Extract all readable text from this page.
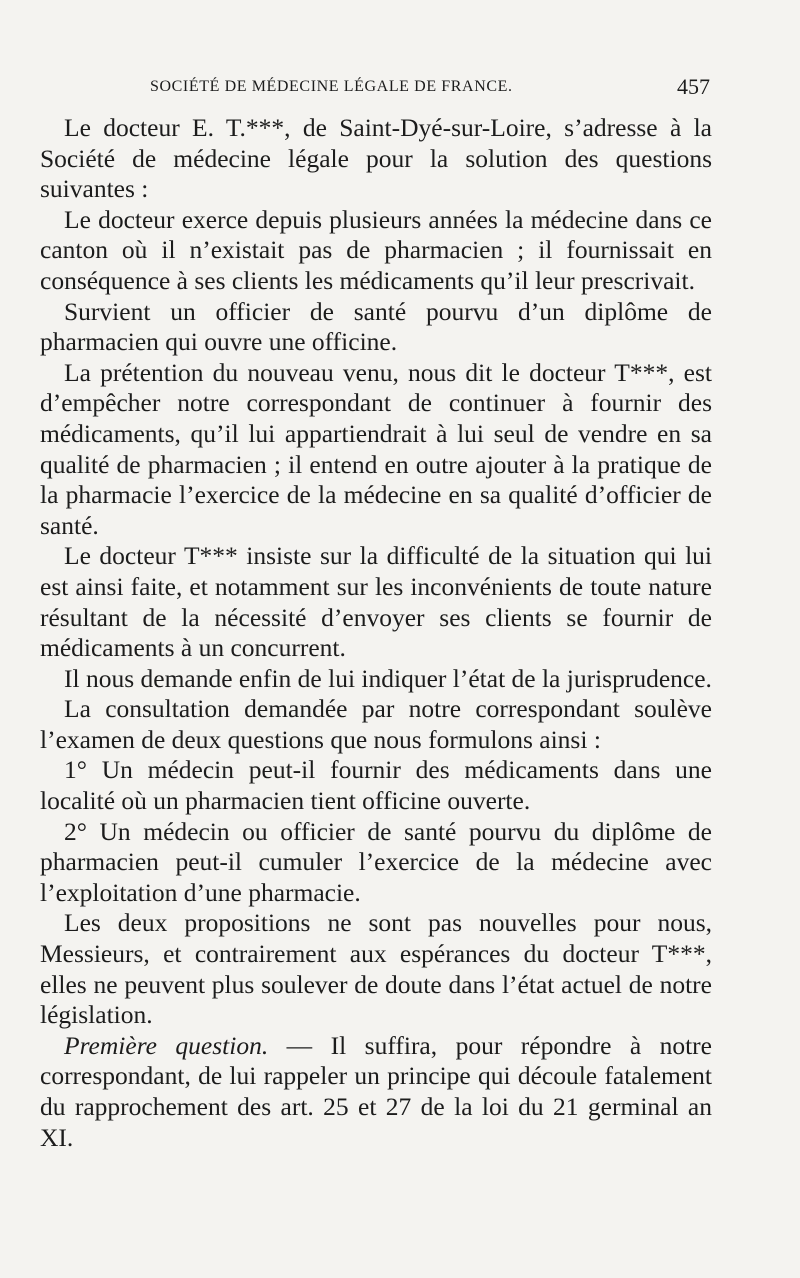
SOCIÉTÉ DE MÉDECINE LÉGALE DE FRANCE.	457

Le docteur E. T.***, de Saint-Dyé-sur-Loire, s’adresse à la Société de médecine légale pour la solution des questions suivantes :

Le docteur exerce depuis plusieurs années la médecine dans ce canton où il n’existait pas de pharmacien ; il fournissait en conséquence à ses clients les médicaments qu’il leur prescrivait.

Survient un officier de santé pourvu d’un diplôme de pharmacien qui ouvre une officine.

La prétention du nouveau venu, nous dit le docteur T***, est d’empêcher notre correspondant de continuer à fournir des médicaments, qu’il lui appartiendrait à lui seul de vendre en sa qualité de pharmacien ; il entend en outre ajouter à la pratique de la pharmacie l’exercice de la médecine en sa qualité d’officier de santé.

Le docteur T*** insiste sur la difficulté de la situation qui lui est ainsi faite, et notamment sur les inconvénients de toute nature résultant de la nécessité d’envoyer ses clients se fournir de médicaments à un concurrent.

Il nous demande enfin de lui indiquer l’état de la jurisprudence.

La consultation demandée par notre correspondant soulève l’examen de deux questions que nous formulons ainsi :

1° Un médecin peut-il fournir des médicaments dans une localité où un pharmacien tient officine ouverte.

2° Un médecin ou officier de santé pourvu du diplôme de pharmacien peut-il cumuler l’exercice de la médecine avec l’exploitation d’une pharmacie.

Les deux propositions ne sont pas nouvelles pour nous, Messieurs, et contrairement aux espérances du docteur T***, elles ne peuvent plus soulever de doute dans l’état actuel de notre législation.

Première question. — Il suffira, pour répondre à notre correspondant, de lui rappeler un principe qui découle fatalement du rapprochement des art. 25 et 27 de la loi du 21 germinal an XI.
